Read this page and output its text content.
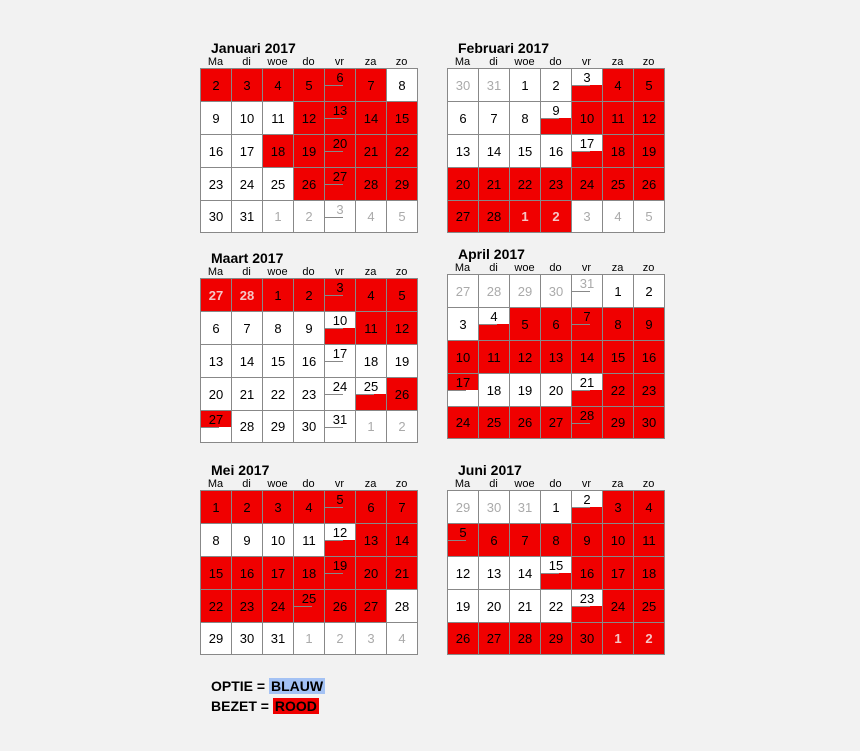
Januari 2017
Ma	di	woe	do	vr	za	zo
2	3	4	5	6	7	8
9	10	11	12	13	14	15
16	17	18	19	20	21	22
23	24	25	26	27	28	29
30	31	1	2	3	4	5
Februari 2017
Ma	di	woe	do	vr	za	zo
30	31	1	2	3	4	5
6	7	8	9	10	11	12
13	14	15	16	17	18	19
20	21	22	23	24	25	26
27	28	1	2	3	4	5
Maart 2017
Ma	di	woe	do	vr	za	zo
27	28	1	2	3	4	5
6	7	8	9	10	11	12
13	14	15	16	17	18	19
20	21	22	23	24	25	26
27	28	29	30	31	1	2
April 2017
Ma	di	woe	do	vr	za	zo
27	28	29	30	31	1	2
3	4	5	6	7	8	9
10	11	12	13	14	15	16
17	18	19	20	21	22	23
24	25	26	27	28	29	30
Mei 2017
Ma	di	woe	do	vr	za	zo
1	2	3	4	5	6	7
8	9	10	11	12	13	14
15	16	17	18	19	20	21
22	23	24	25	26	27	28
29	30	31	1	2	3	4
Juni 2017
Ma	di	woe	do	vr	za	zo
29	30	31	1	2	3	4
5	6	7	8	9	10	11
12	13	14	15	16	17	18
19	20	21	22	23	24	25
26	27	28	29	30	1	2
OPTIE = BLAUW
BEZET = ROOD
